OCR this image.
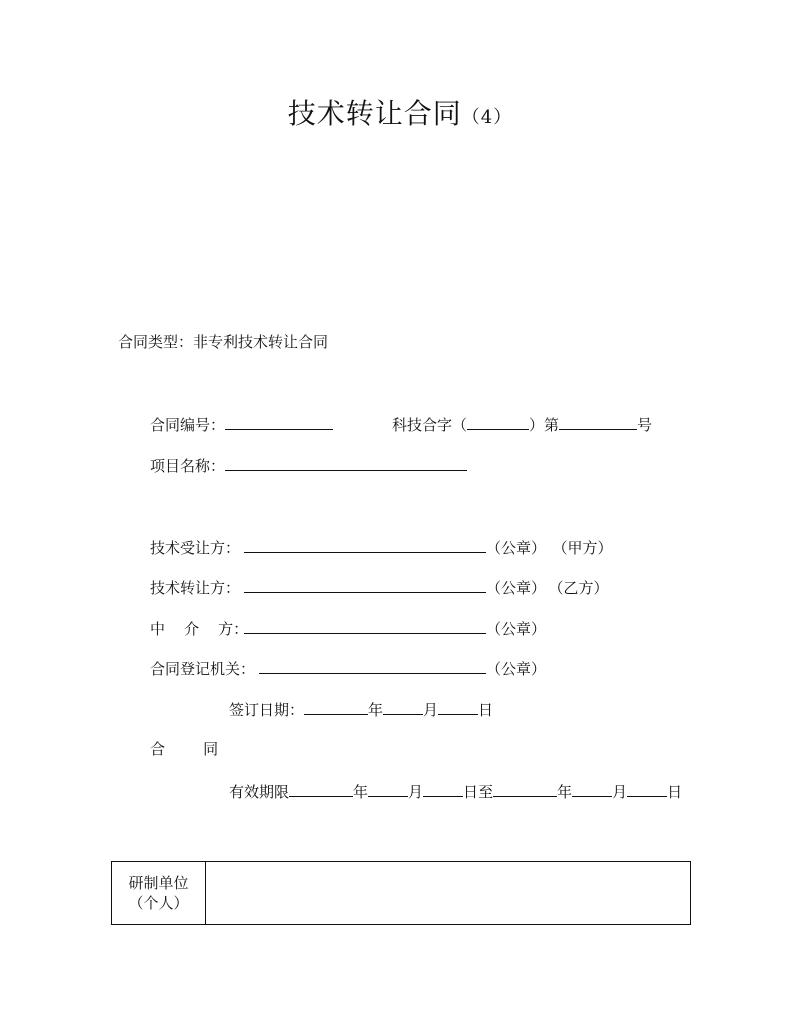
技术转让合同（4）
合同类型：非专利技术转让合同
合同编号：	科技合字（	）第	号
项目名称：
技术受让方：	（公章） （甲方）
技术转让方：	（公章） （乙方）
中    介    方：	（公章）
合同登记机关：	（公章）
签订日期：	年	月	日
合        同
有效期限	年	月	日至	年	月	日
研制单位
（个人）
